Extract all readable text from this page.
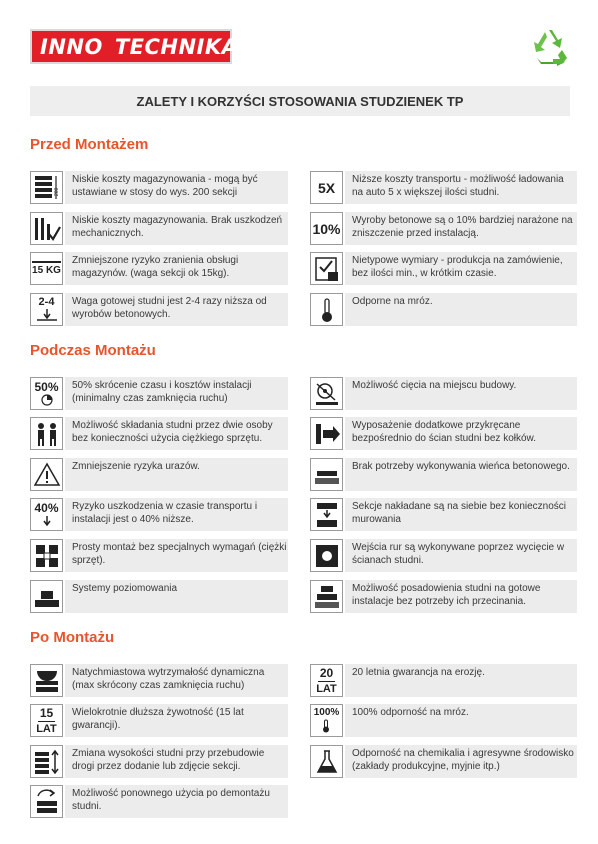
INNO TECHNIKA
ZALETY I KORZYŚCI STOSOWANIA STUDZIENEK TP
Przed Montażem
200
Niskie koszty magazynowania - mogą być ustawiane w stosy do wys. 200 sekcji	5X	Niższe koszty transportu - możliwość ładowania na auto 5 x większej ilości studni.
Niskie koszty magazynowania. Brak uszkodzeń mechanicznych.	10%	Wyroby betonowe są o 10% bardziej narażone na zniszczenie przed instalacją.
15 KG
Zmniejszone ryzyko zranienia obsługi magazynów. (waga sekcji ok 15kg).
Nietypowe wymiary - produkcja na zamówienie, bez ilości min., w krótkim czasie.
2-4	Waga gotowej studni jest 2-4 razy niższa od wyrobów betonowych.
Odporne na mróz.
Podczas Montażu
50%	50% skrócenie czasu i kosztów instalacji (minimalny czas zamknięcia ruchu)
Możliwość cięcia na miejscu budowy.
Możliwość składania studni przez dwie osoby bez konieczności użycia ciężkiego sprzętu.
Wyposażenie dodatkowe przykręcane bezpośrednio do ścian studni bez kołków.
Zmniejszenie ryzyka urazów.	Brak potrzeby wykonywania wieńca betonowego.
40%	Ryzyko uszkodzenia w czasie transportu i instalacji jest o 40% niższe.
Sekcje nakładane są na siebie bez konieczności murowania
Prosty montaż bez specjalnych wymagań (ciężki sprzęt).
Wejścia rur są wykonywane poprzez wycięcie w ścianach studni.
Systemy poziomowania	Możliwość posadowienia studni na gotowe instalacje bez potrzeby ich przecinania.
Po Montażu
Natychmiastowa wytrzymałość dynamiczna (max skrócony czas zamknięcia ruchu)
20
LAT
20 letnia gwarancja na erozję.
15
LAT
Wielokrotnie dłuższa żywotność (15 lat gwarancji).
100%	100% odporność na mróz.
Zmiana wysokości studni przy przebudowie drogi przez dodanie lub zdjęcie sekcji.
Odporność na chemikalia i agresywne środowisko (zakłady produkcyjne, myjnie itp.)
Możliwość ponownego użycia po demontażu studni.
